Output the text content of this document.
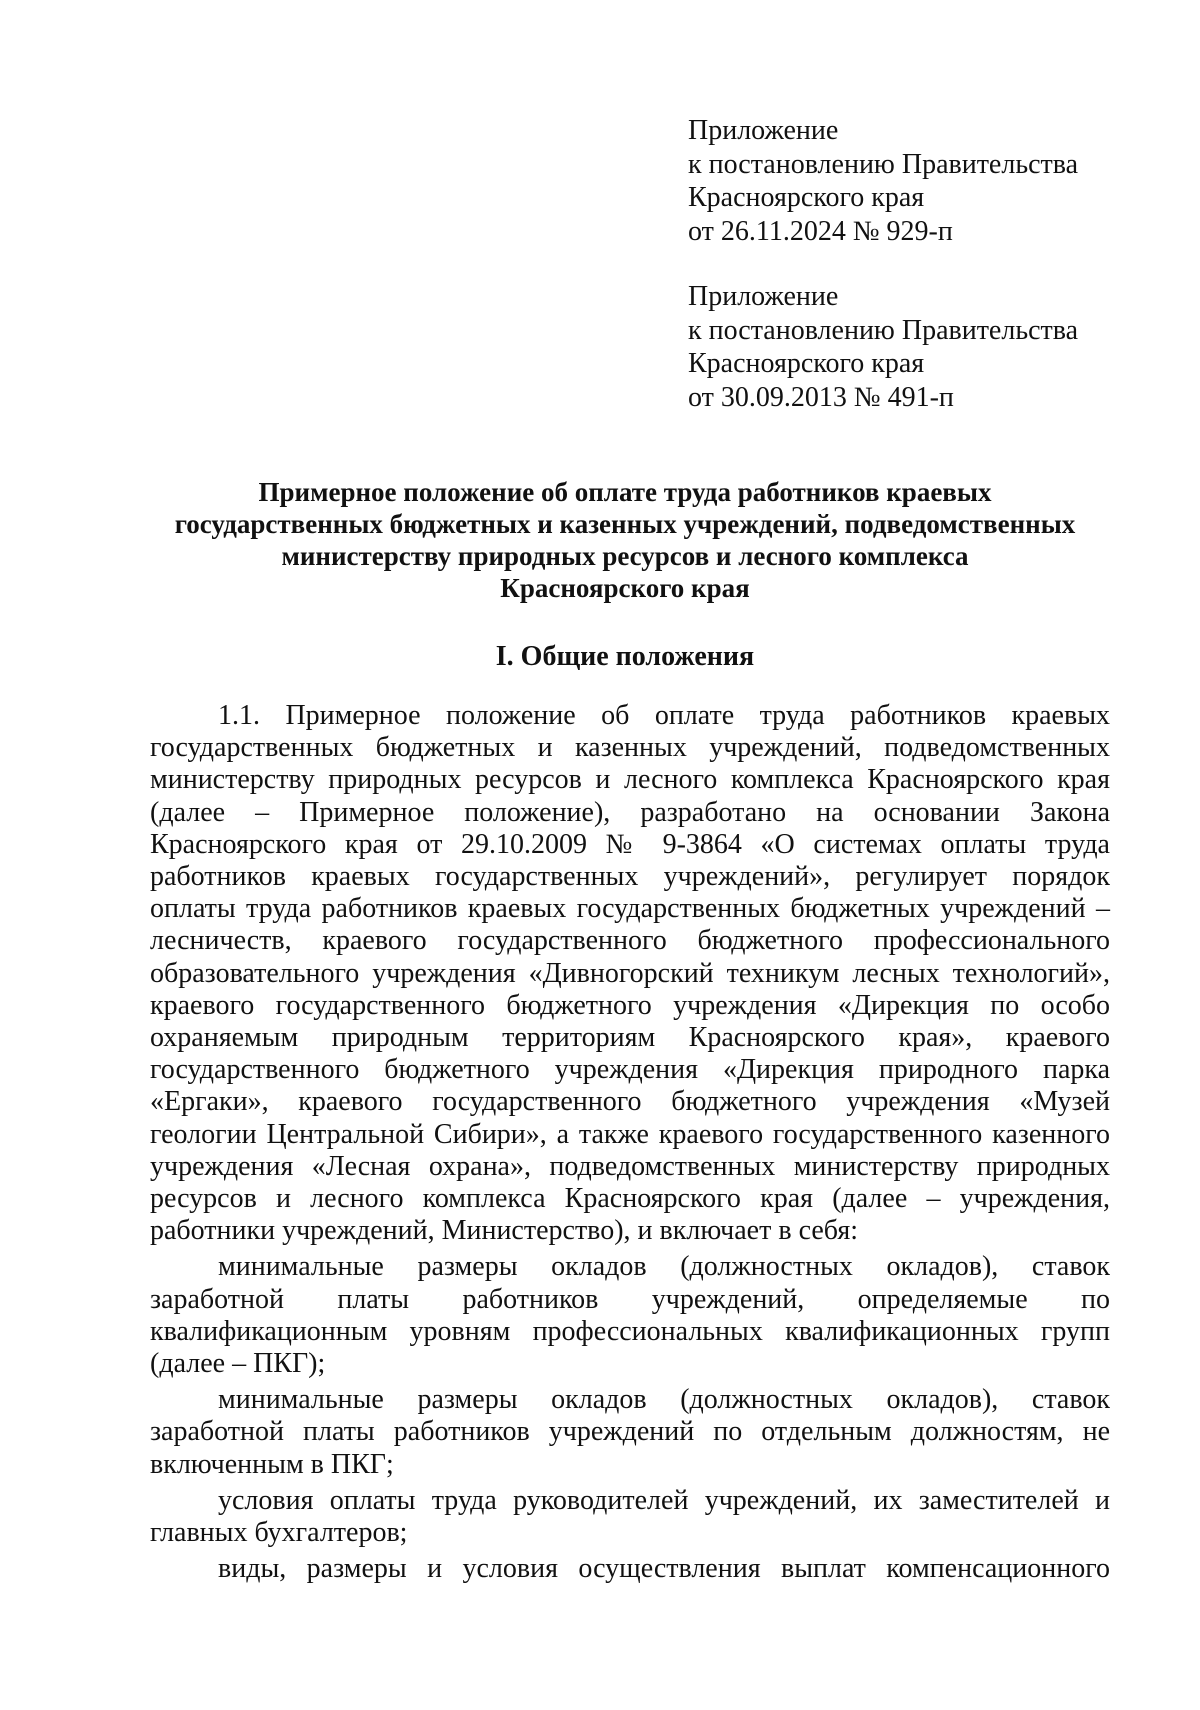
Приложение
к постановлению Правительства
Красноярского края
от 26.11.2024 № 929-п
Приложение
к постановлению Правительства
Красноярского края
от 30.09.2013 № 491-п
Примерное положение об оплате труда работников краевых
государственных бюджетных и казенных учреждений, подведомственных
министерству природных ресурсов и лесного комплекса
Красноярского края
I. Общие положения

1.1. Примерное положение об оплате труда работников краевых государственных бюджетных и казенных учреждений, подведомственных министерству природных ресурсов и лесного комплекса Красноярского края (далее – Примерное положение), разработано на основании Закона Красноярского края от 29.10.2009 № 9-3864 «О системах оплаты труда работников краевых государственных учреждений», регулирует порядок оплаты труда работников краевых государственных бюджетных учреждений – лесничеств, краевого государственного бюджетного профессионального образовательного учреждения «Дивногорский техникум лесных технологий», краевого государственного бюджетного учреждения «Дирекция по особо охраняемым природным территориям Красноярского края», краевого государственного бюджетного учреждения «Дирекция природного парка «Ергаки», краевого государственного бюджетного учреждения «Музей геологии Центральной Сибири», а также краевого государственного казенного учреждения «Лесная охрана», подведомственных министерству природных ресурсов и лесного комплекса Красноярского края (далее – учреждения, работники учреждений, Министерство), и включает в себя:

минимальные размеры окладов (должностных окладов), ставок заработной платы работников учреждений, определяемые по квалификационным уровням профессиональных квалификационных групп (далее – ПКГ);

минимальные размеры окладов (должностных окладов), ставок заработной платы работников учреждений по отдельным должностям, не включенным в ПКГ;

условия оплаты труда руководителей учреждений, их заместителей и главных бухгалтеров;

виды, размеры и условия осуществления выплат компенсационного
